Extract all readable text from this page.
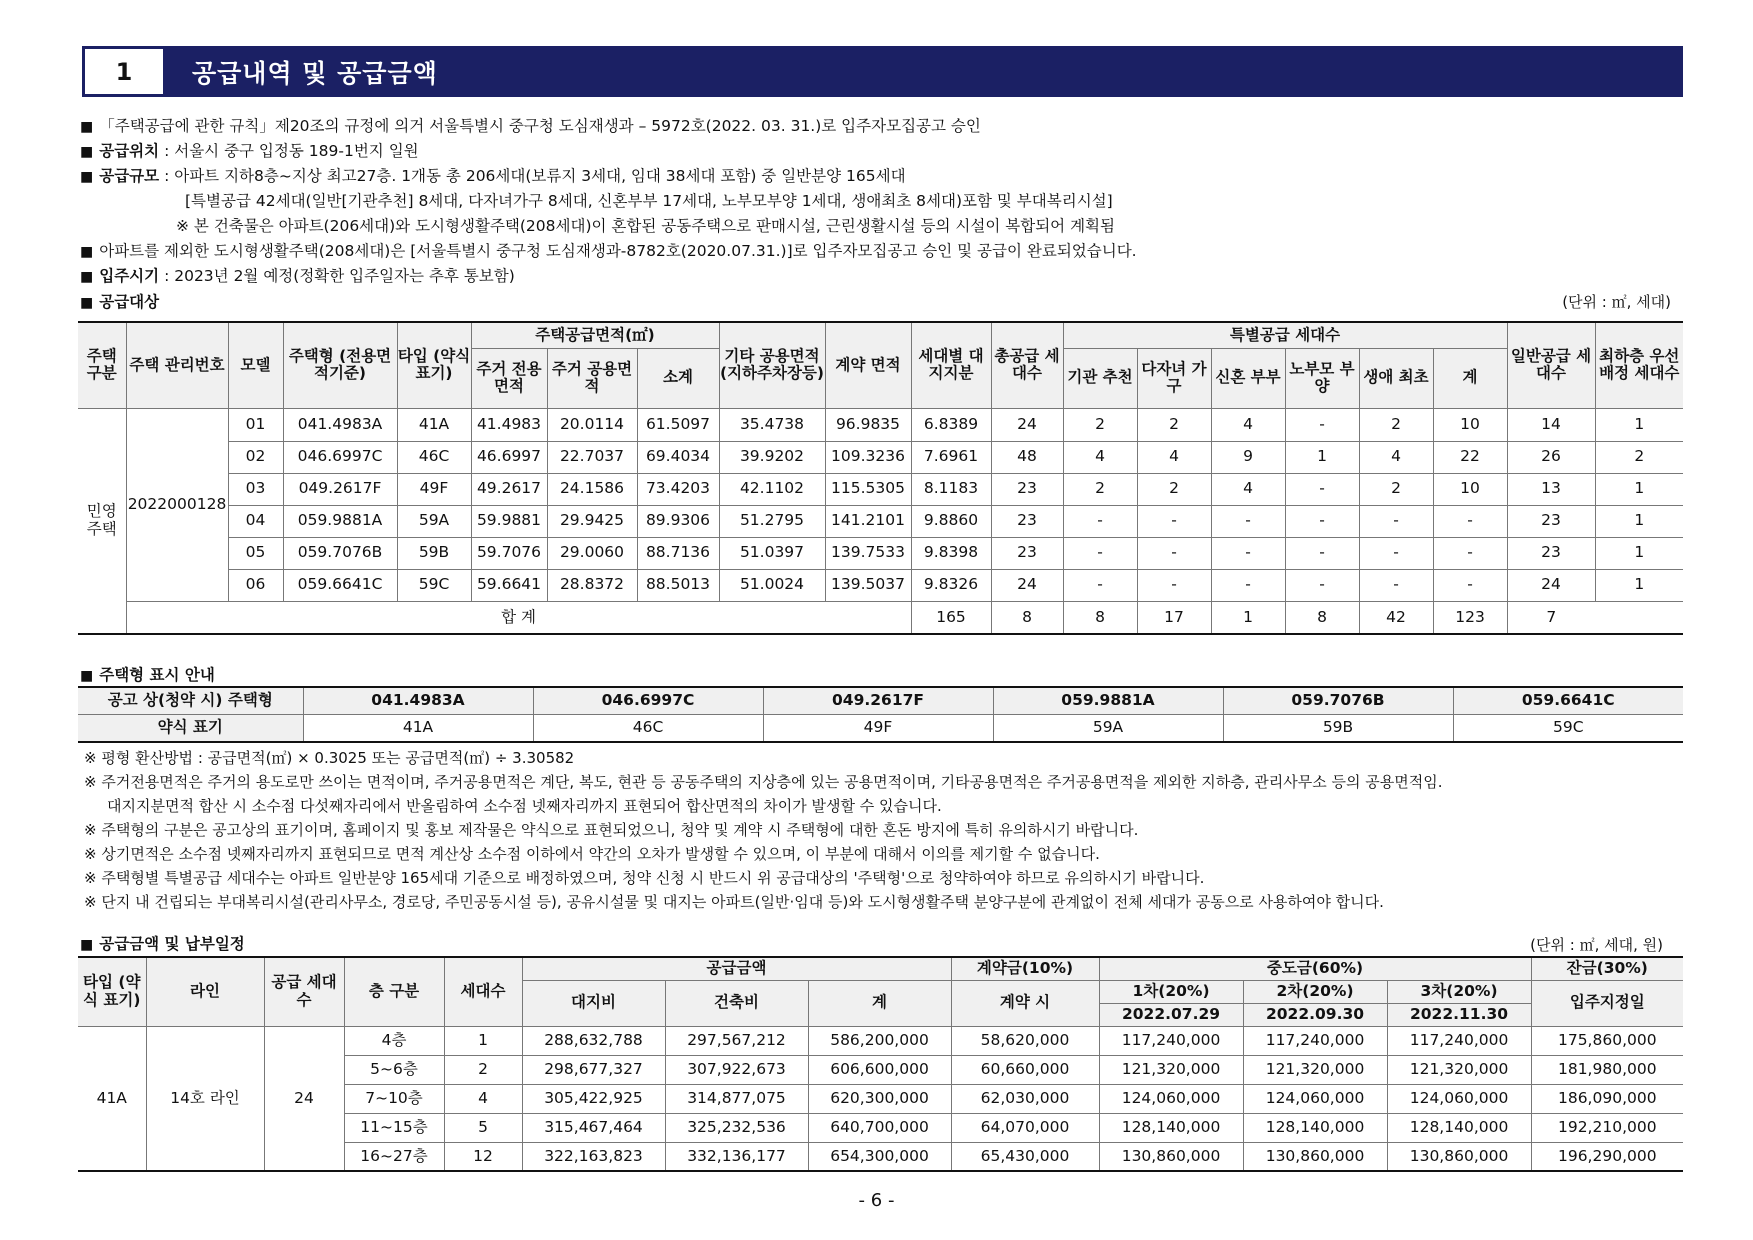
1	공급내역 및 공급금액
■ 「주택공급에 관한 규칙」제20조의 규정에 의거 서울특별시 중구청 도심재생과 – 5972호(2022. 03. 31.)로 입주자모집공고 승인
■ 공급위치 : 서울시 중구 입정동 189-1번지 일원
■ 공급규모 : 아파트 지하8층~지상 최고27층. 1개동 총 206세대(보류지 3세대, 임대 38세대 포함) 중 일반분양 165세대
[특별공급 42세대(일반[기관추천] 8세대, 다자녀가구 8세대, 신혼부부 17세대, 노부모부양 1세대, 생애최초 8세대)포함 및 부대복리시설]
※ 본 건축물은 아파트(206세대)와 도시형생활주택(208세대)이 혼합된 공동주택으로 판매시설, 근린생활시설 등의 시설이 복합되어 계획됨
■ 아파트를 제외한 도시형생활주택(208세대)은 [서울특별시 중구청 도심재생과-8782호(2020.07.31.)]로 입주자모집공고 승인 및 공급이 완료되었습니다.
■ 입주시기 : 2023년 2월 예정(정확한 입주일자는 추후 통보함)
■ 공급대상	(단위 : ㎡, 세대)
주택 구분	주택 관리번호	모델	주택형 (전용면적기준)	타입 (약식 표기)	주택공급면적(㎡)			기타 공용면적 (지하주차장등)	계약 면적	세대별 대지지분	총공급 세대수	특별공급 세대수						일반공급 세대수	최하층 우선배정 세대수
					주거 전용면적	주거 공용면적	소계					기관 추천	다자녀 가구	신혼 부부	노부모 부양	생애 최초	계		
민영 주택	2022000128	01	041.4983A	41A	41.4983	20.0114	61.5097	35.4738	96.9835	6.8389	24	2	2	4	-	2	10	14	1
		02	046.6997C	46C	46.6997	22.7037	69.4034	39.9202	109.3236	7.6961	48	4	4	9	1	4	22	26	2
		03	049.2617F	49F	49.2617	24.1586	73.4203	42.1102	115.5305	8.1183	23	2	2	4	-	2	10	13	1
		04	059.9881A	59A	59.9881	29.9425	89.9306	51.2795	141.2101	9.8860	23	-	-	-	-	-	-	23	1
		05	059.7076B	59B	59.7076	29.0060	88.7136	51.0397	139.7533	9.8398	23	-	-	-	-	-	-	23	1
		06	059.6641C	59C	59.6641	28.8372	88.5013	51.0024	139.5037	9.8326	24	-	-	-	-	-	-	24	1
	합 계									165	8	8	17	1	8	42	123	7	
■ 주택형 표시 안내
공고 상(청약 시) 주택형	041.4983A	046.6997C	049.2617F	059.9881A	059.7076B	059.6641C
약식 표기	41A	46C	49F	59A	59B	59C
※ 평형 환산방법 : 공급면적(㎡) × 0.3025 또는 공급면적(㎡) ÷ 3.30582
※ 주거전용면적은 주거의 용도로만 쓰이는 면적이며, 주거공용면적은 계단, 복도, 현관 등 공동주택의 지상층에 있는 공용면적이며, 기타공용면적은 주거공용면적을 제외한 지하층, 관리사무소 등의 공용면적임.
대지지분면적 합산 시 소수점 다섯째자리에서 반올림하여 소수점 넷째자리까지 표현되어 합산면적의 차이가 발생할 수 있습니다.
※ 주택형의 구분은 공고상의 표기이며, 홈페이지 및 홍보 제작물은 약식으로 표현되었으니, 청약 및 계약 시 주택형에 대한 혼돈 방지에 특히 유의하시기 바랍니다.
※ 상기면적은 소수점 넷째자리까지 표현되므로 면적 계산상 소수점 이하에서 약간의 오차가 발생할 수 있으며, 이 부분에 대해서 이의를 제기할 수 없습니다.
※ 주택형별 특별공급 세대수는 아파트 일반분양 165세대 기준으로 배정하였으며, 청약 신청 시 반드시 위 공급대상의 '주택형'으로 청약하여야 하므로 유의하시기 바랍니다.
※ 단지 내 건립되는 부대복리시설(관리사무소, 경로당, 주민공동시설 등), 공유시설물 및 대지는 아파트(일반·임대 등)와 도시형생활주택 분양구분에 관계없이 전체 세대가 공동으로 사용하여야 합니다.
■ 공급금액 및 납부일정	(단위 : ㎡, 세대, 원)
타입 (약식 표기)	라인	공급 세대수	층 구분	세대수	공급금액			계약금(10%)	중도금(60%)			잔금(30%)
					대지비	건축비	계	계약 시	1차(20%)	2차(20%)	3차(20%)	입주지정일
									2022.07.29	2022.09.30	2022.11.30	
41A	14호 라인	24	4층	1	288,632,788	297,567,212	586,200,000	58,620,000	117,240,000	117,240,000	117,240,000	175,860,000
			5~6층	2	298,677,327	307,922,673	606,600,000	60,660,000	121,320,000	121,320,000	121,320,000	181,980,000
			7~10층	4	305,422,925	314,877,075	620,300,000	62,030,000	124,060,000	124,060,000	124,060,000	186,090,000
			11~15층	5	315,467,464	325,232,536	640,700,000	64,070,000	128,140,000	128,140,000	128,140,000	192,210,000
			16~27층	12	322,163,823	332,136,177	654,300,000	65,430,000	130,860,000	130,860,000	130,860,000	196,290,000
- 6 -
